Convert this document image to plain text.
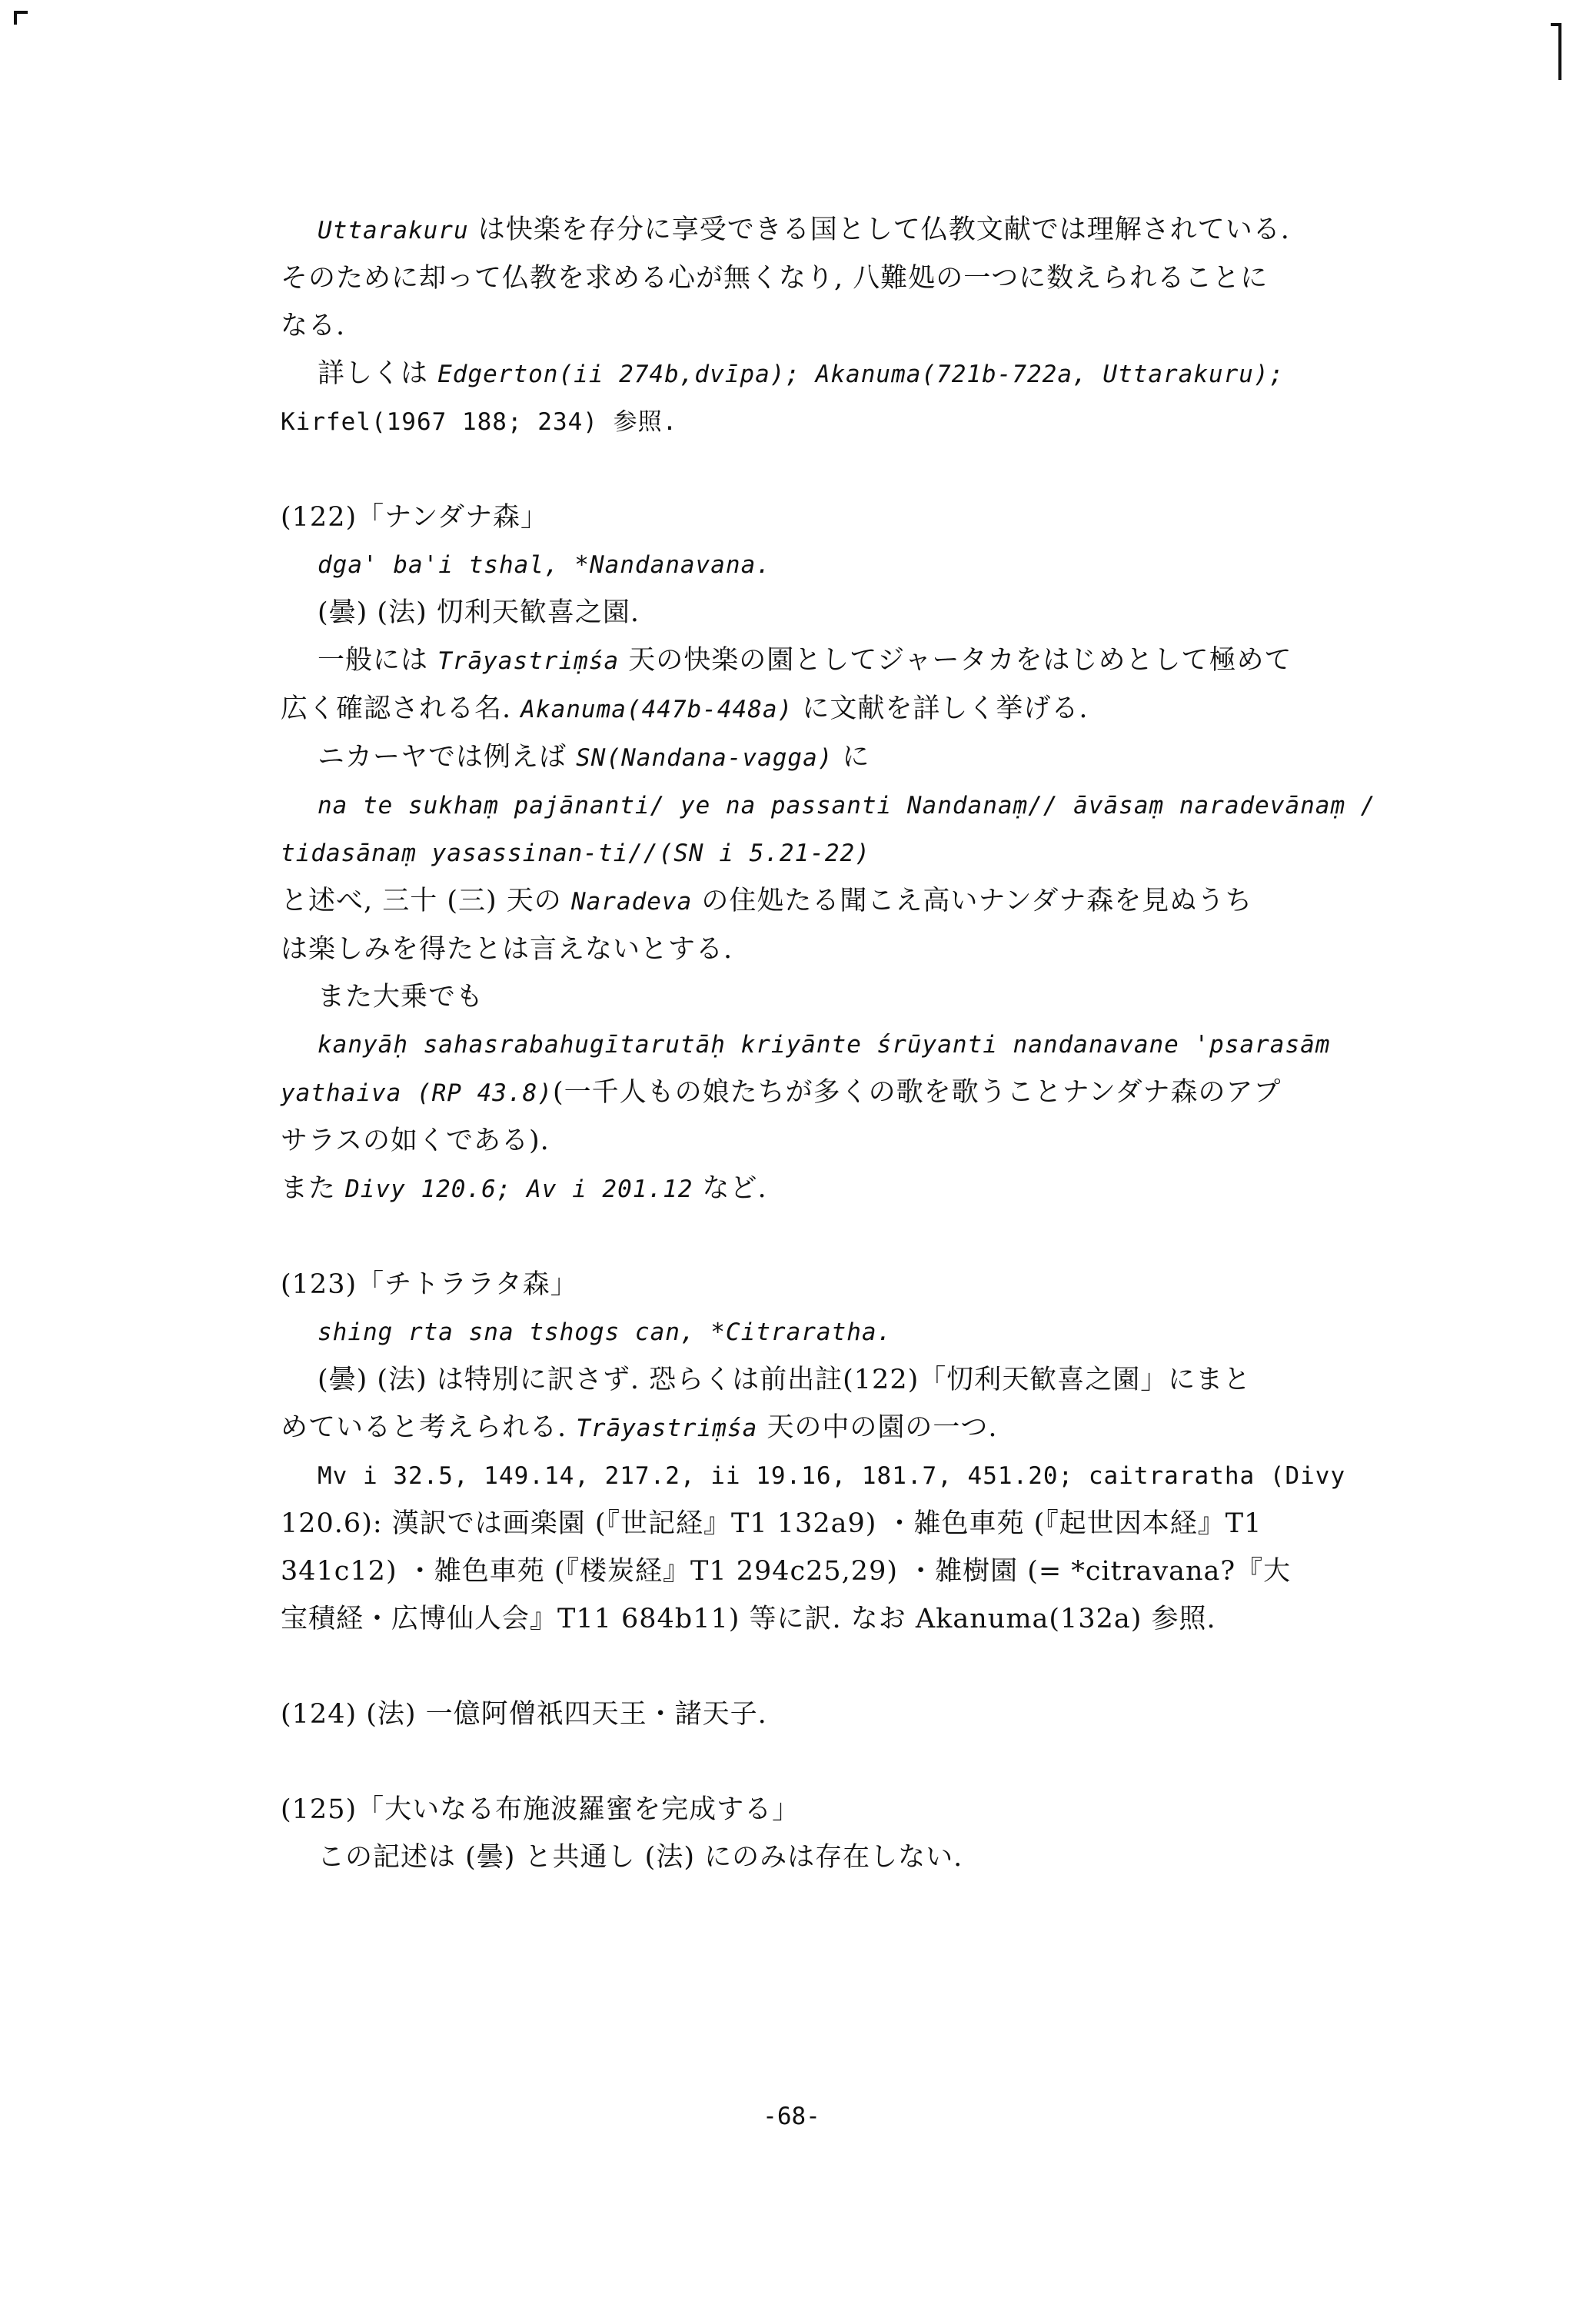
Uttarakuru は快楽を存分に享受できる国として仏教文献では理解されている.
そのために却って仏教を求める心が無くなり, 八難処の一つに数えられることに
なる.
詳しくは Edgerton(ii 274b,dvīpa); Akanuma(721b-722a, Uttarakuru);
Kirfel(1967 188; 234) 参照.
(122)「ナンダナ森」
dga' ba'i tshal, *Nandanavana.
(曇) (法) 忉利天歓喜之園.
一般には Trāyastriṃśa 天の快楽の園としてジャータカをはじめとして極めて
広く確認される名. Akanuma(447b-448a) に文献を詳しく挙げる.
ニカーヤでは例えば SN(Nandana-vagga) に
na te sukhaṃ pajānanti/ ye na passanti Nandanaṃ// āvāsaṃ naradevānaṃ /
tidasānaṃ yasassinan-ti//(SN i 5.21-22)
と述べ, 三十 (三) 天の Naradeva の住処たる聞こえ高いナンダナ森を見ぬうち
は楽しみを得たとは言えないとする.
また大乗でも
kanyāḥ sahasrabahugītarutāḥ kriyānte śrūyanti nandanavane 'psarasām
yathaiva (RP 43.8)(一千人もの娘たちが多くの歌を歌うことナンダナ森のアプ
サラスの如くである).
また Divy 120.6; Av i 201.12 など.
(123)「チトララタ森」
shing rta sna tshogs can, *Citraratha.
(曇) (法) は特別に訳さず. 恐らくは前出註(122)「忉利天歓喜之園」にまと
めていると考えられる. Trāyastriṃśa 天の中の園の一つ.
Mv i 32.5, 149.14, 217.2, ii 19.16, 181.7, 451.20; caitraratha (Divy
120.6): 漢訳では画楽園 (『世記経』T1 132a9) ・雑色車苑 (『起世因本経』T1
341c12) ・雑色車苑 (『楼炭経』T1 294c25,29) ・雑樹園 (= *citravana?『大
宝積経・広博仙人会』T11 684b11) 等に訳. なお Akanuma(132a) 参照.
(124) (法) 一億阿僧祇四天王・諸天子.
(125)「大いなる布施波羅蜜を完成する」
この記述は (曇) と共通し (法) にのみは存在しない.
-68-
